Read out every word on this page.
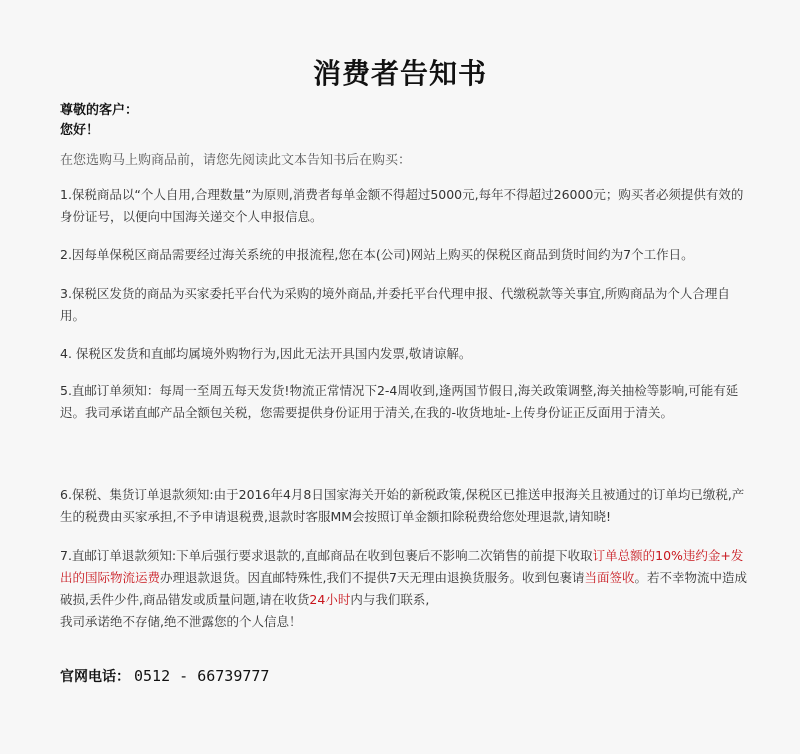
消费者告知书
尊敬的客户：
您好！
在您选购马上购商品前，请您先阅读此文本告知书后在购买：
1.保税商品以“个人自用,合理数量”为原则,消费者每单金额不得超过5000元,每年不得超过26000元；购买者必须提供有效的身份证号，以便向中国海关递交个人申报信息。
2.因每单保税区商品需要经过海关系统的申报流程,您在本(公司)网站上购买的保税区商品到货时间约为7个工作日。
3.保税区发货的商品为买家委托平台代为采购的境外商品,并委托平台代理申报、代缴税款等关事宜,所购商品为个人合理自用。
4. 保税区发货和直邮均属境外购物行为,因此无法开具国内发票,敬请谅解。
5.直邮订单须知：每周一至周五每天发货!物流正常情况下2-4周收到,逢两国节假日,海关政策调整,海关抽检等影响,可能有延迟。我司承诺直邮产品全额包关税，您需要提供身份证用于清关,在我的-收货地址-上传身份证正反面用于清关。
6.保税、集货订单退款须知:由于2016年4月8日国家海关开始的新税政策,保税区已推送申报海关且被通过的订单均已缴税,产生的税费由买家承担,不予申请退税费,退款时客服MM会按照订单金额扣除税费给您处理退款,请知晓!
7.直邮订单退款须知:下单后强行要求退款的,直邮商品在收到包裹后不影响二次销售的前提下收取订单总额的10%违约金+发出的国际物流运费办理退款退货。因直邮特殊性,我们不提供7天无理由退换货服务。收到包裹请当面签收。若不幸物流中造成破损,丢件少件,商品错发或质量问题,请在收货24小时内与我们联系,
我司承诺绝不存储,绝不泄露您的个人信息！
官网电话： 0512 - 66739777
